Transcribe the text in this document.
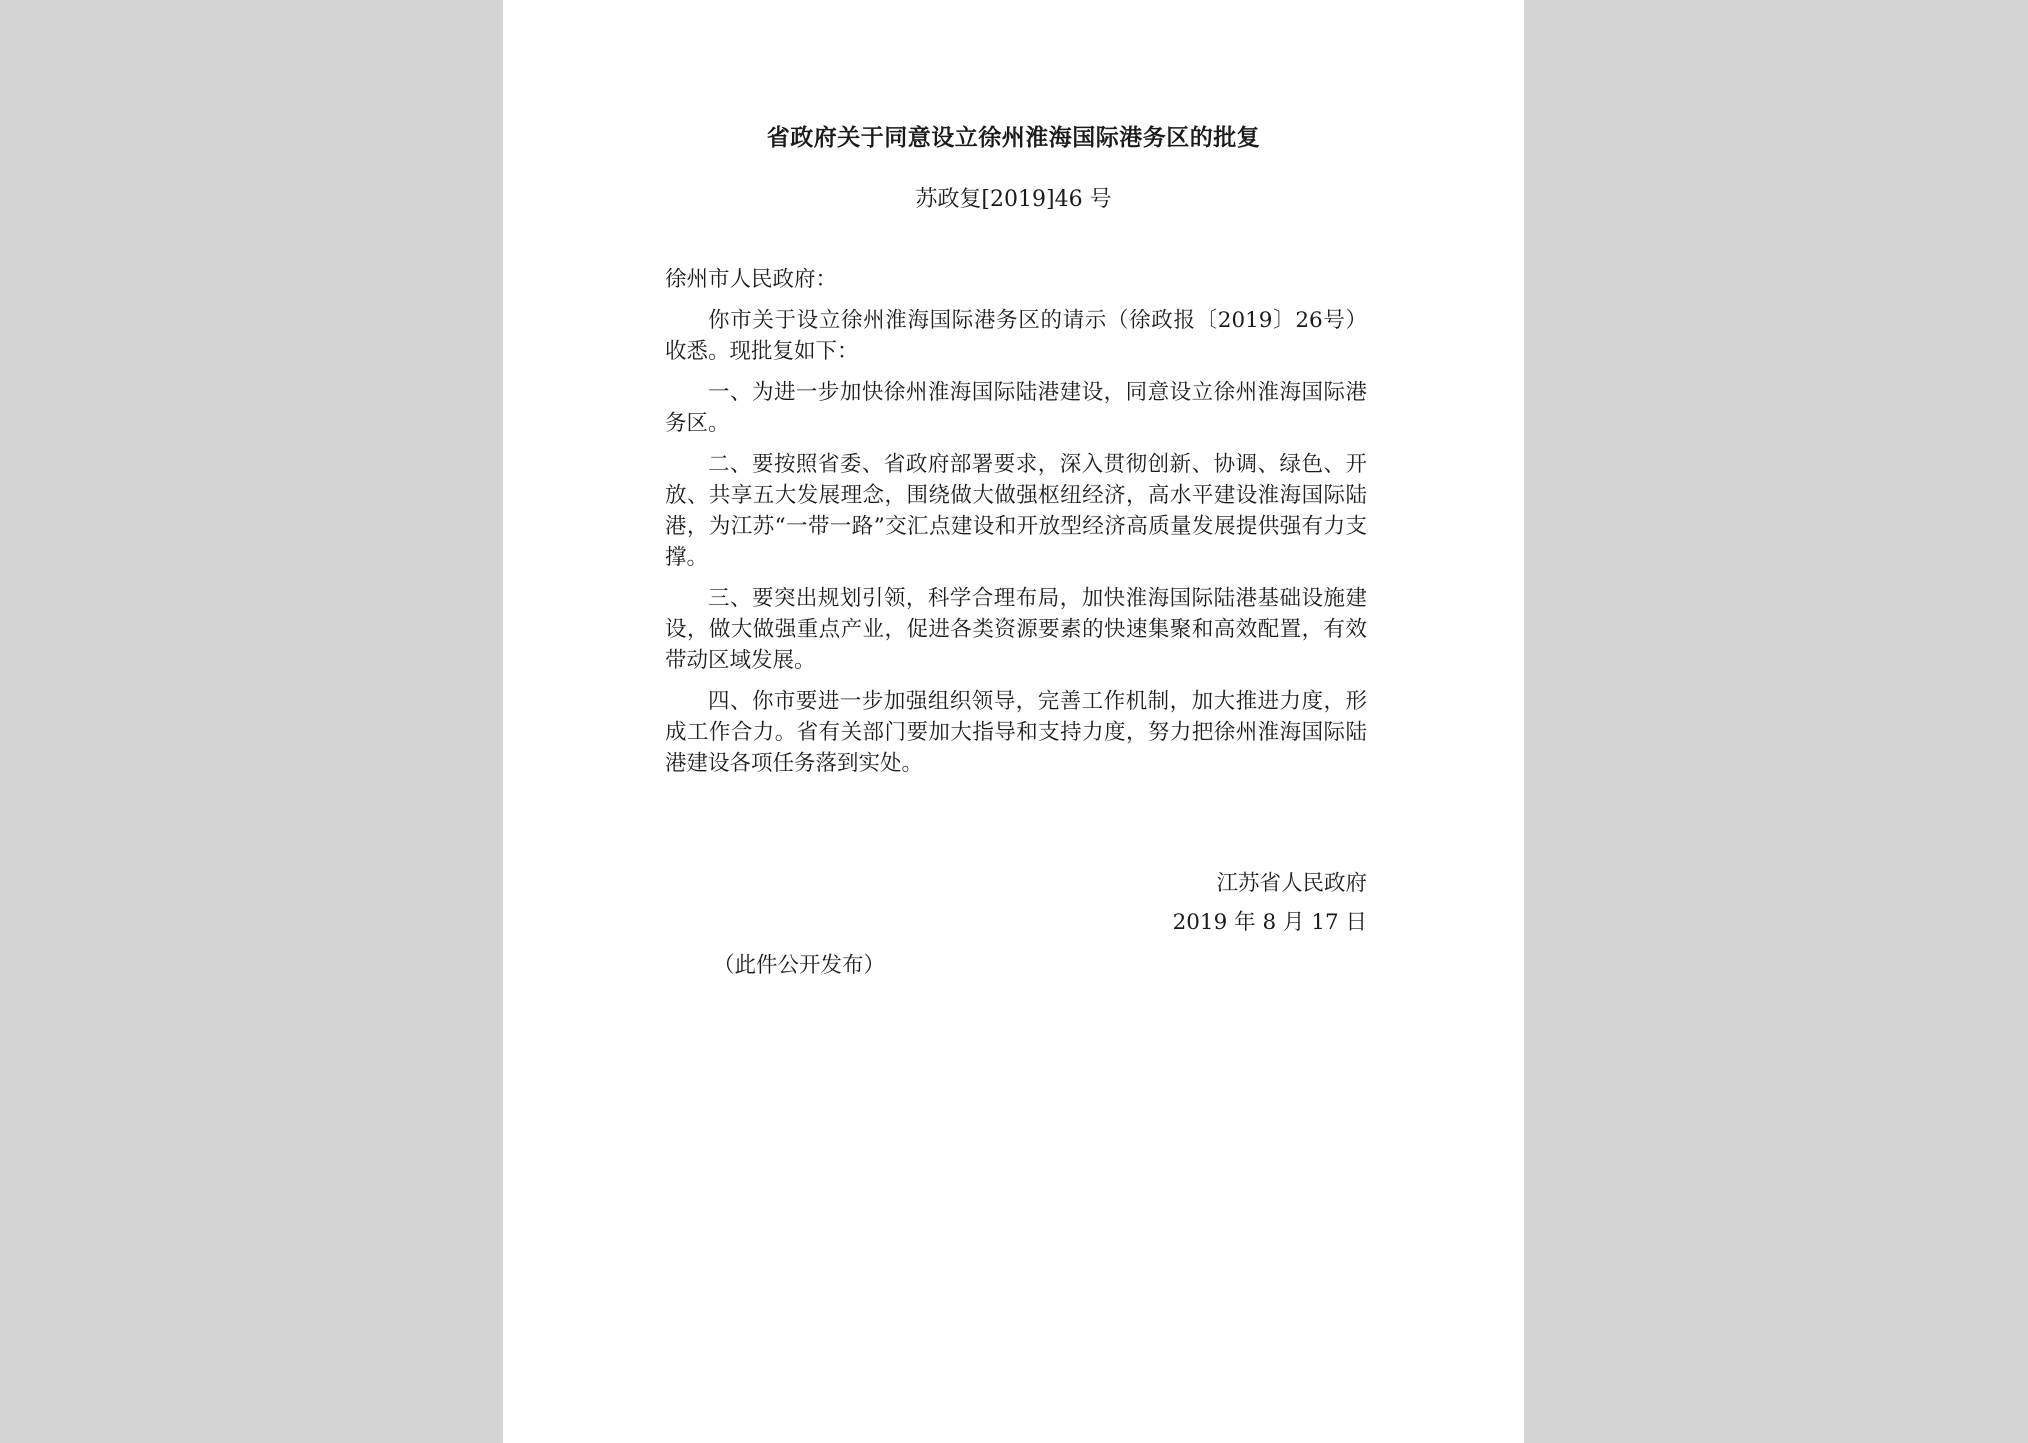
省政府关于同意设立徐州淮海国际港务区的批复
苏政复[2019]46 号

徐州市人民政府：

你市关于设立徐州淮海国际港务区的请示（徐政报〔2019〕26号）收悉。现批复如下：

一、为进一步加快徐州淮海国际陆港建设，同意设立徐州淮海国际港务区。

二、要按照省委、省政府部署要求，深入贯彻创新、协调、绿色、开放、共享五大发展理念，围绕做大做强枢纽经济，高水平建设淮海国际陆港，为江苏“一带一路”交汇点建设和开放型经济高质量发展提供强有力支撑。

三、要突出规划引领，科学合理布局，加快淮海国际陆港基础设施建设，做大做强重点产业，促进各类资源要素的快速集聚和高效配置，有效带动区域发展。

四、你市要进一步加强组织领导，完善工作机制，加大推进力度，形成工作合力。省有关部门要加大指导和支持力度，努力把徐州淮海国际陆港建设各项任务落到实处。

江苏省人民政府
2019 年 8 月 17 日
（此件公开发布）
